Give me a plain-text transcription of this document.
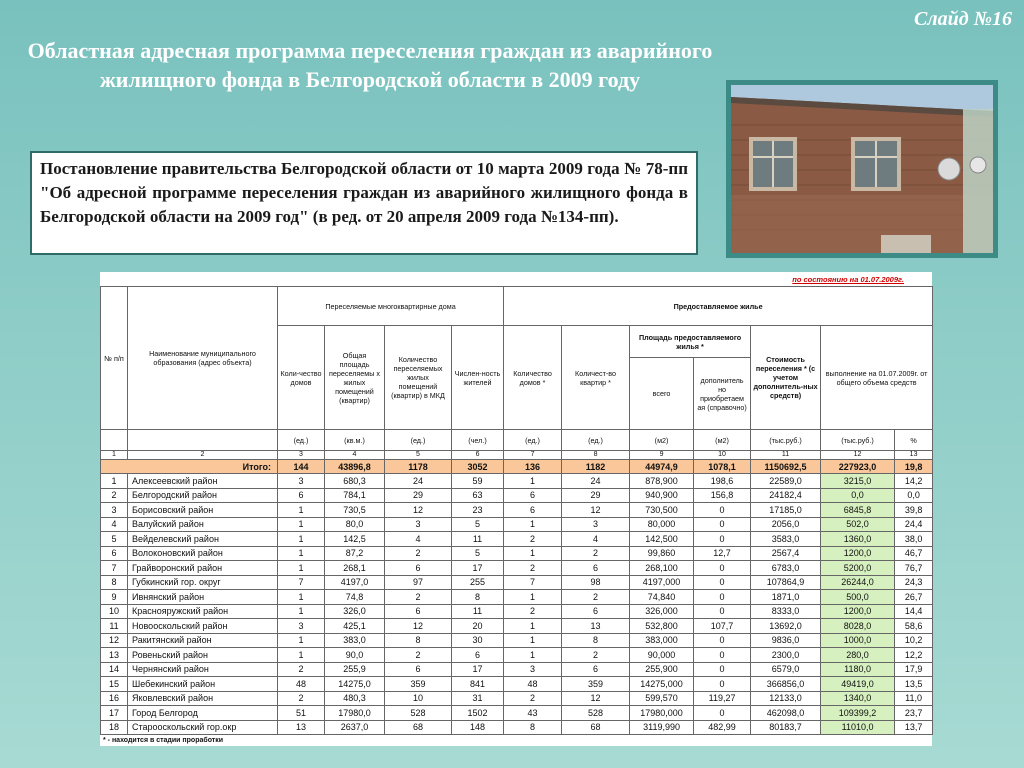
Слайд №16
Областная адресная программа переселения граждан из аварийного жилищного фонда в Белгородской области в 2009 году

Постановление правительства Белгородской области от 10 марта 2009 года № 78-пп "Об адресной программе переселения граждан из аварийного жилищного фонда в Белгородской области на 2009 год" (в ред. от 20 апреля 2009 года №134-пп).

по состоянию на 01.07.2009г.
№ п/п	Наименование муниципального образования (адрес объекта)	Переселяемые многоквартирные дома				Предоставляемое жилье						
		Коли-чество домов	Общая площадь переселяемы х жилых помещений (квартир)	Количество переселяемых жилых помещений (квартир) в МКД	Числен-ность жителей	Количество домов *	Количест-во квартир *	Площадь предоставляемого жилья *		Стоимость переселения * (с учетом дополнитель-ных средств)	выполнение на 01.07.2009г. от общего объема средств	
								всего	дополнитель но приобретаем ая (справочно)			
		(ед.)	(кв.м.)	(ед.)	(чел.)	(ед.)	(ед.)	(м2)	(м2)	(тыс.руб.)	(тыс.руб.)	%
1	2	3	4	5	6	7	8	9	10	11	12	13
Итого:		144	43896,8	1178	3052	136	1182	44974,9	1078,1	1150692,5	227923,0	19,8
1	Алексеевский район	3	680,3	24	59	1	24	878,900	198,6	22589,0	3215,0	14,2
2	Белгородский район	6	784,1	29	63	6	29	940,900	156,8	24182,4	0,0	0,0
3	Борисовский район	1	730,5	12	23	6	12	730,500	0	17185,0	6845,8	39,8
4	Валуйский район	1	80,0	3	5	1	3	80,000	0	2056,0	502,0	24,4
5	Вейделевский район	1	142,5	4	11	2	4	142,500	0	3583,0	1360,0	38,0
6	Волоконовский район	1	87,2	2	5	1	2	99,860	12,7	2567,4	1200,0	46,7
7	Грайворонский район	1	268,1	6	17	2	6	268,100	0	6783,0	5200,0	76,7
8	Губкинский гор. округ	7	4197,0	97	255	7	98	4197,000	0	107864,9	26244,0	24,3
9	Ивнянский район	1	74,8	2	8	1	2	74,840	0	1871,0	500,0	26,7
10	Краснояружский район	1	326,0	6	11	2	6	326,000	0	8333,0	1200,0	14,4
11	Новооскольский район	3	425,1	12	20	1	13	532,800	107,7	13692,0	8028,0	58,6
12	Ракитянский район	1	383,0	8	30	1	8	383,000	0	9836,0	1000,0	10,2
13	Ровеньский район	1	90,0	2	6	1	2	90,000	0	2300,0	280,0	12,2
14	Чернянский район	2	255,9	6	17	3	6	255,900	0	6579,0	1180,0	17,9
15	Шебекинский район	48	14275,0	359	841	48	359	14275,000	0	366856,0	49419,0	13,5
16	Яковлевский район	2	480,3	10	31	2	12	599,570	119,27	12133,0	1340,0	11,0
17	Город Белгород	51	17980,0	528	1502	43	528	17980,000	0	462098,0	109399,2	23,7
18	Старооскольский гор.окр	13	2637,0	68	148	8	68	3119,990	482,99	80183,7	11010,0	13,7
* - находится в стадии проработки
